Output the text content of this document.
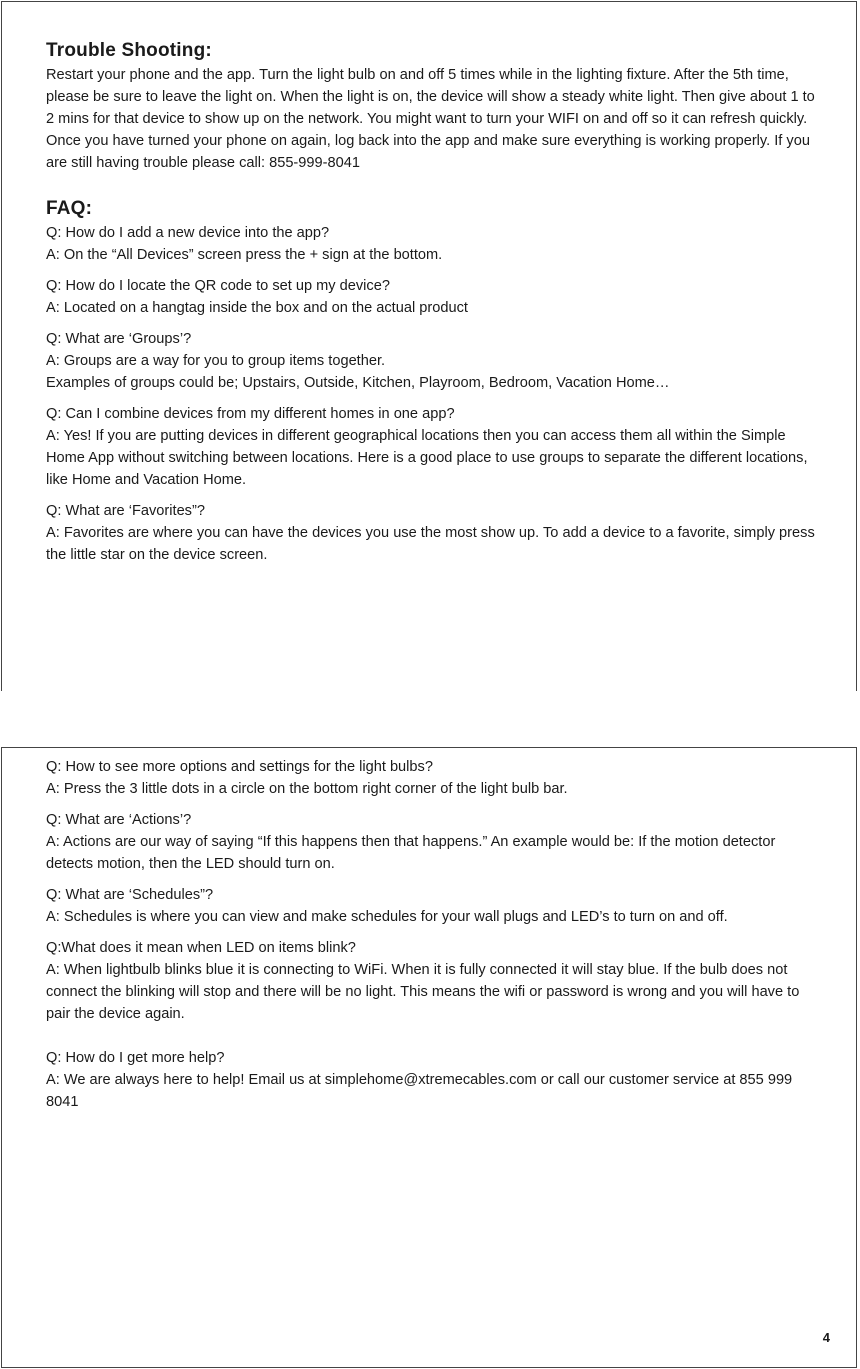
Trouble Shooting:

Restart your phone and the app. Turn the light bulb on and off 5 times while in the lighting fixture. After the 5th time, please be sure to leave the light on. When the light is on, the device will show a steady white light. Then give about 1 to 2 mins for that device to show up on the network. You might want to turn your WIFI on and off so it can refresh quickly. Once you have turned your phone on again, log back into the app and make sure everything is working properly. If you are still having trouble please call: 855-999-8041

FAQ:

Q: How do I add a new device into the app?

A: On the “All Devices” screen press the + sign at the bottom.

Q: How do I locate the QR code to set up my device?

A: Located on a hangtag inside the box and on the actual product

Q: What are ‘Groups’?

A: Groups are a way for you to group items together.

Examples of groups could be; Upstairs, Outside, Kitchen, Playroom, Bedroom, Vacation Home…

Q: Can I combine devices from my different homes in one app?

A: Yes! If you are putting devices in different geographical locations then you can access them all within the Simple Home App without switching between locations. Here is a good place to use groups to separate the different locations, like Home and Vacation Home.

Q: What are ‘Favorites”?

A: Favorites are where you can have the devices you use the most show up. To add a device to a favorite, simply press the little star on the device screen.

Q: How to see more options and settings for the light bulbs?

A: Press the 3 little dots in a circle on the bottom right corner of the light bulb bar.

Q: What are ‘Actions’?

A: Actions are our way of saying “If this happens then that happens.” An example would be: If the motion detector detects motion, then the LED should turn on.

Q: What are ‘Schedules”?

A: Schedules is where you can view and make schedules for your wall plugs and LED’s to turn on and off.

Q:What does it mean when LED on items blink?

A: When lightbulb blinks blue it is connecting to WiFi. When it is fully connected it will stay blue. If the bulb does not connect the blinking will stop and there will be no light. This means the wifi or password is wrong and you will have to pair the device again.

Q: How do I get more help?

A: We are always here to help! Email us at simplehome@xtremecables.com or call our customer service at 855 999 8041

4
